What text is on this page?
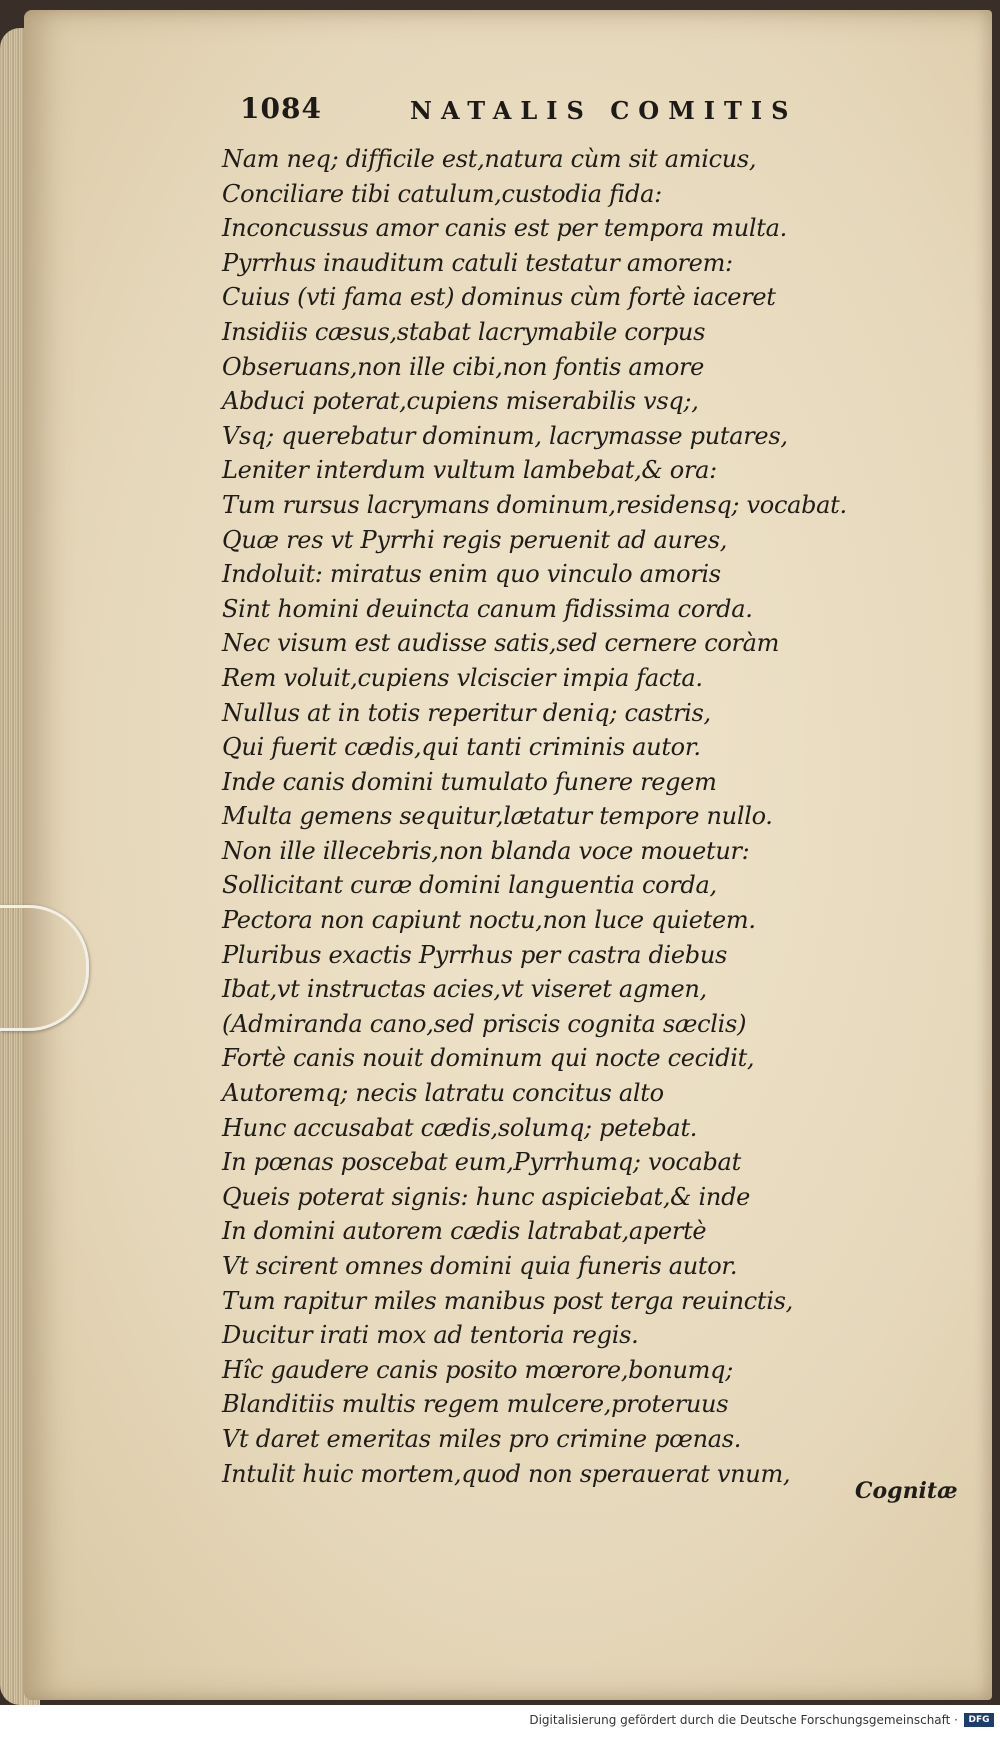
1084	NATALIS COMITIS
Nam neq; difficile est,natura cùm sit amicus,
Conciliare tibi catulum,custodia fida:
Inconcussus amor canis est per tempora multa.
Pyrrhus inauditum catuli testatur amorem:
Cuius (vti fama est) dominus cùm fortè iaceret
Insidiis cæsus,stabat lacrymabile corpus
Obseruans,non ille cibi,non fontis amore
Abduci poterat,cupiens miserabilis vsq;,
Vsq; querebatur dominum, lacrymasse putares,
Leniter interdum vultum lambebat,& ora:
Tum rursus lacrymans dominum,residensq; vocabat.
Quæ res vt Pyrrhi regis peruenit ad aures,
Indoluit: miratus enim quo vinculo amoris
Sint homini deuincta canum fidissima corda.
Nec visum est audisse satis,sed cernere coràm
Rem voluit,cupiens vlciscier impia facta.
Nullus at in totis reperitur deniq; castris,
Qui fuerit cædis,qui tanti criminis autor.
Inde canis domini tumulato funere regem
Multa gemens sequitur,lætatur tempore nullo.
Non ille illecebris,non blanda voce mouetur:
Sollicitant curæ domini languentia corda,
Pectora non capiunt noctu,non luce quietem.
Pluribus exactis Pyrrhus per castra diebus
Ibat,vt instructas acies,vt viseret agmen,
(Admiranda cano,sed priscis cognita sæclis)
Fortè canis nouit dominum qui nocte cecidit,
Autoremq; necis latratu concitus alto
Hunc accusabat cædis,solumq; petebat.
In pœnas poscebat eum,Pyrrhumq; vocabat
Queis poterat signis: hunc aspiciebat,& inde
In domini autorem cædis latrabat,apertè
Vt scirent omnes domini quia funeris autor.
Tum rapitur miles manibus post terga reuinctis,
Ducitur irati mox ad tentoria regis.
Hîc gaudere canis posito mœrore,bonumq;
Blanditiis multis regem mulcere,proteruus
Vt daret emeritas miles pro crimine pœnas.
Intulit huic mortem,quod non sperauerat vnum,
Cognitæ
Digitalisierung gefördert durch die Deutsche Forschungsgemeinschaft ·	DFG
